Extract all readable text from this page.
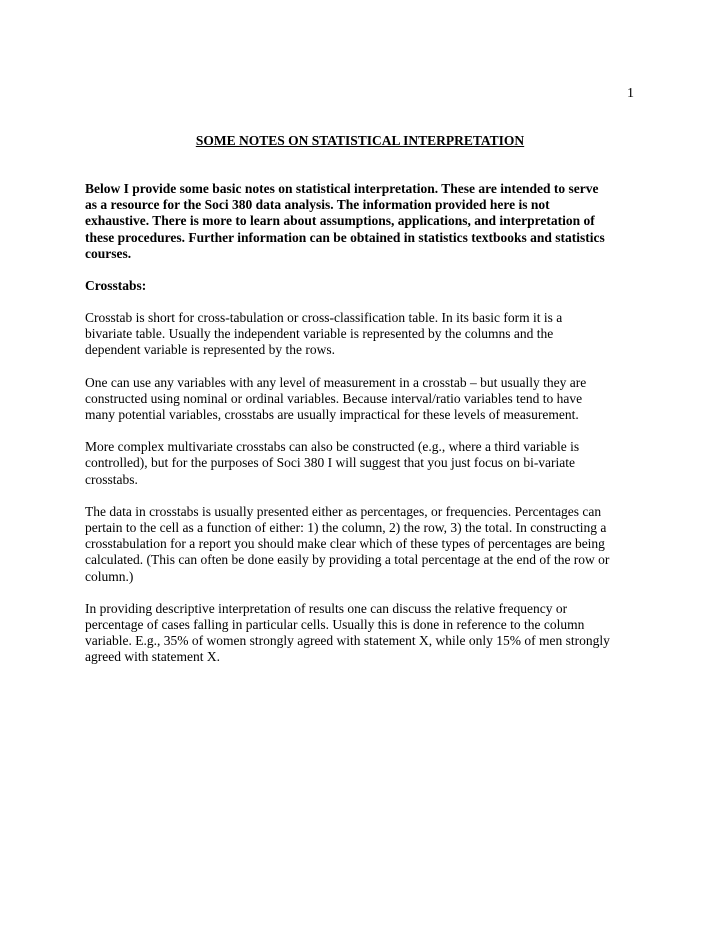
1
SOME NOTES ON STATISTICAL INTERPRETATION

Below I provide some basic notes on statistical interpretation. These are intended to serve
as a resource for the Soci 380 data analysis. The information provided here is not
exhaustive. There is more to learn about assumptions, applications, and interpretation of
these procedures. Further information can be obtained in statistics textbooks and statistics
courses.

Crosstabs:

Crosstab is short for cross-tabulation or cross-classification table. In its basic form it is a
bivariate table. Usually the independent variable is represented by the columns and the
dependent variable is represented by the rows.

One can use any variables with any level of measurement in a crosstab – but usually they are
constructed using nominal or ordinal variables. Because interval/ratio variables tend to have
many potential variables, crosstabs are usually impractical for these levels of measurement.

More complex multivariate crosstabs can also be constructed (e.g., where a third variable is
controlled), but for the purposes of Soci 380 I will suggest that you just focus on bi-variate
crosstabs.

The data in crosstabs is usually presented either as percentages, or frequencies. Percentages can
pertain to the cell as a function of either: 1) the column, 2) the row, 3) the total. In constructing a
crosstabulation for a report you should make clear which of these types of percentages are being
calculated. (This can often be done easily by providing a total percentage at the end of the row or
column.)

In providing descriptive interpretation of results one can discuss the relative frequency or
percentage of cases falling in particular cells. Usually this is done in reference to the column
variable. E.g., 35% of women strongly agreed with statement X, while only 15% of men strongly
agreed with statement X.
